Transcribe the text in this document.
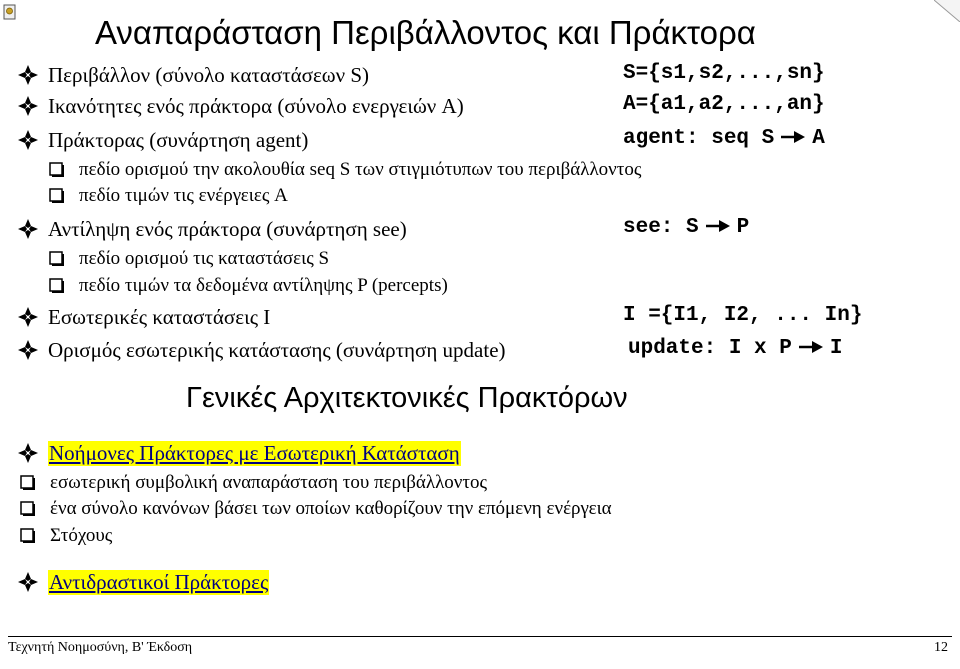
Αναπαράσταση Περιβάλλοντος και Πράκτορα
Περιβάλλον (σύνολο καταστάσεων S)	S={s1,s2,...,sn}
Ικανότητες ενός πράκτορα (σύνολο ενεργειών A)	A={a1,a2,...,an}
Πράκτορας (συνάρτηση agent)	agent: seq S A
πεδίο ορισμού την ακολουθία seq S των στιγμιότυπων του περιβάλλοντος
πεδίο τιμών τις ενέργειες A
Αντίληψη ενός πράκτορα (συνάρτηση see)	see: S P
πεδίο ορισμού τις καταστάσεις S
πεδίο τιμών τα δεδομένα αντίληψης P (percepts)
Εσωτερικές καταστάσεις I	I ={I1, I2, ... In}
Ορισμός εσωτερικής κατάστασης (συνάρτηση update)	update: I x P I
Γενικές Αρχιτεκτονικές Πρακτόρων
Νοήμονες Πράκτορες με Εσωτερική Κατάσταση
εσωτερική συμβολική αναπαράσταση του περιβάλλοντος
ένα σύνολο κανόνων βάσει των οποίων καθορίζουν την επόμενη ενέργεια
Στόχους
Αντιδραστικοί Πράκτορες
Τεχνητή Νοημοσύνη, B' Έκδοση	12
